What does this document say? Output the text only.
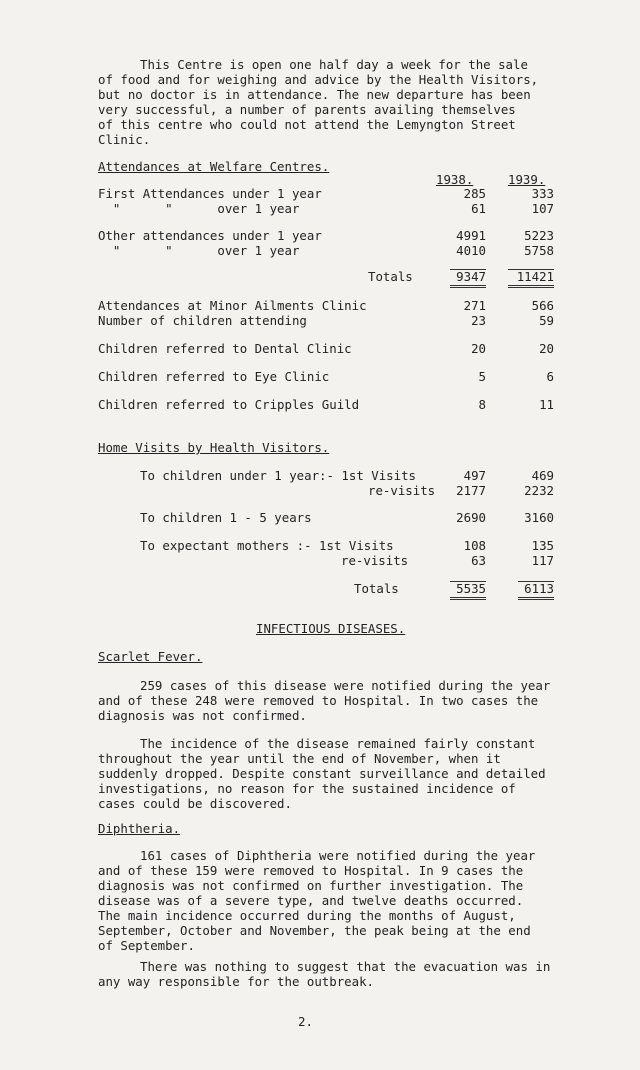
This Centre is open one half day a week for the sale
of food and for weighing and advice by the Health Visitors,
but no doctor is in attendance. The new departure has been
very successful, a number of parents availing themselves
of this centre who could not attend the Lemyngton Street
Clinic.
Attendances at Welfare Centres.
1938.	1939.
First Attendances under 1 year	285	333
"      "      over 1 year	61	107
Other attendances under 1 year	4991	5223
"      "      over 1 year	4010	5758
Totals	9347	11421
Attendances at Minor Ailments Clinic	271	566
Number of children attending	23	59
Children referred to Dental Clinic	20	20
Children referred to Eye Clinic	5	6
Children referred to Cripples Guild	8	11
Home Visits by Health Visitors.
To children under 1 year:- 1st Visits	497	469
re-visits	2177	2232
To children 1 - 5 years	2690	3160
To expectant mothers :- 1st Visits	108	135
re-visits	63	117
Totals	5535	6113
INFECTIOUS DISEASES.
Scarlet Fever.
259 cases of this disease were notified during the year
and of these 248 were removed to Hospital. In two cases the
diagnosis was not confirmed.
The incidence of the disease remained fairly constant
throughout the year until the end of November, when it
suddenly dropped. Despite constant surveillance and detailed
investigations, no reason for the sustained incidence of
cases could be discovered.
Diphtheria.
161 cases of Diphtheria were notified during the year
and of these 159 were removed to Hospital. In 9 cases the
diagnosis was not confirmed on further investigation. The
disease was of a severe type, and twelve deaths occurred.
The main incidence occurred during the months of August,
September, October and November, the peak being at the end
of September.
There was nothing to suggest that the evacuation was in
any way responsible for the outbreak.
2.
